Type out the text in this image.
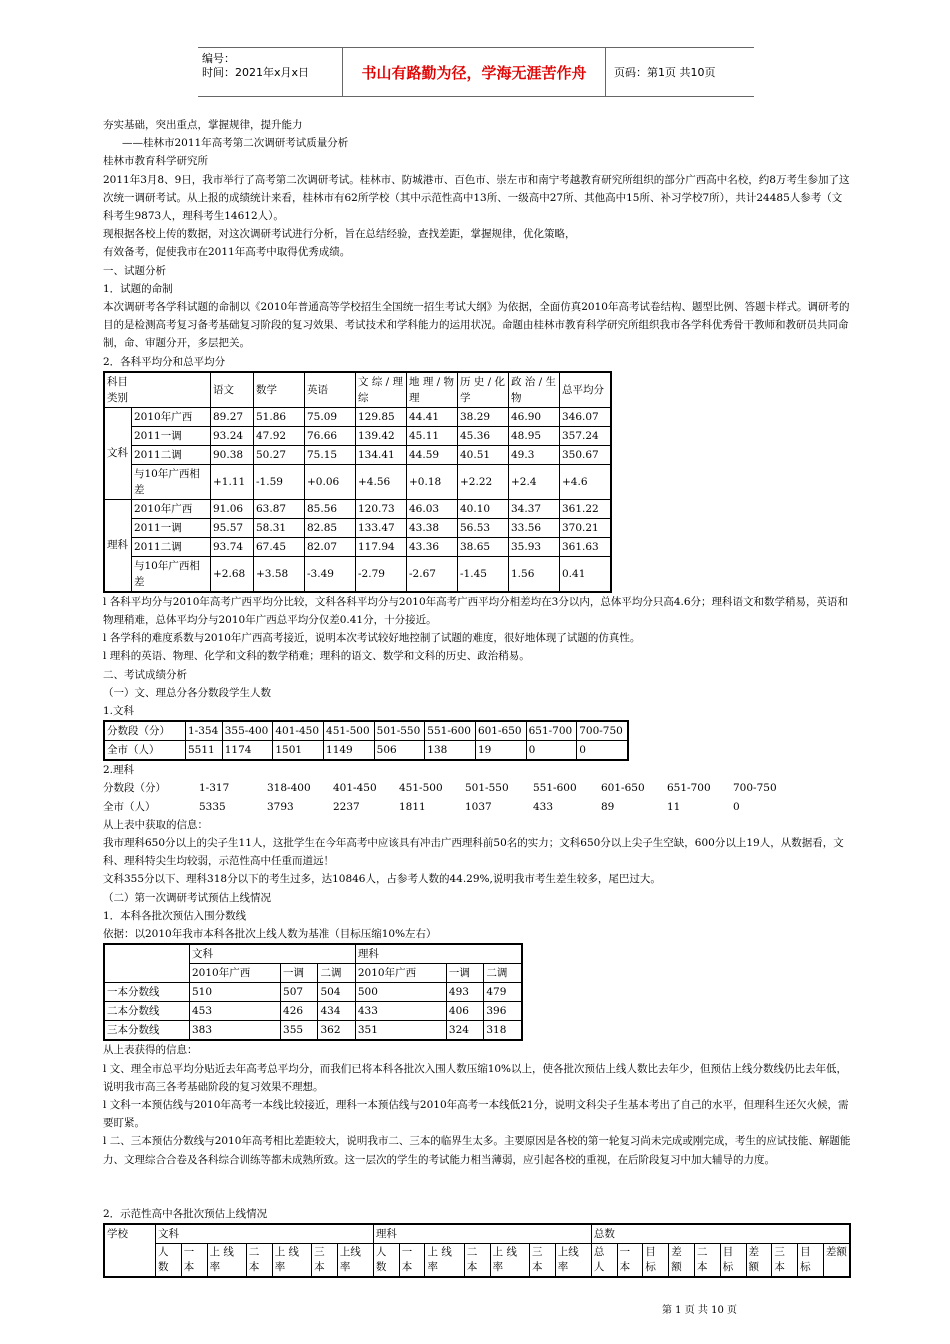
编号：
时间：2021年x月x日	书山有路勤为径，学海无涯苦作舟	页码：第1页 共10页

夯实基础，突出重点，掌握规律，提升能力

——桂林市2011年高考第二次调研考试质量分析

桂林市教育科学研究所

2011年3月8、9日，我市举行了高考第二次调研考试。桂林市、防城港市、百色市、崇左市和南宁考越教育研究所组织的部分广西高中名校，约8万考生参加了这次统一调研考试。从上报的成绩统计来看，桂林市有62所学校（其中示范性高中13所、一级高中27所、其他高中15所、补习学校7所），共计24485人参考（文科考生9873人，理科考生14612人）。

现根据各校上传的数据，对这次调研考试进行分析，旨在总结经验，查找差距，掌握规律，优化策略，

有效备考，促使我市在2011年高考中取得优秀成绩。

一、试题分析

1．试题的命制

本次调研考各学科试题的命制以《2010年普通高等学校招生全国统一招生考试大纲》为依据，全面仿真2010年高考试卷结构、题型比例、答题卡样式。调研考的目的是检测高考复习备考基础复习阶段的复习效果、考试技术和学科能力的运用状况。命题由桂林市教育科学研究所组织我市各学科优秀骨干教师和教研员共同命制，命、审题分开，多层把关。

2．各科平均分和总平均分

科目
类别		语文	数学	英语	文 综 / 理综	地 理 / 物理	历 史 / 化学	政 治 / 生物	总平均分
文科	2010年广西	89.27	51.86	75.09	129.85	44.41	38.29	46.90	346.07
	2011一调	93.24	47.92	76.66	139.42	45.11	45.36	48.95	357.24
	2011二调	90.38	50.27	75.15	134.41	44.59	40.51	49.3	350.67
	与10年广西相差	+1.11	-1.59	+0.06	+4.56	+0.18	+2.22	+2.4	+4.6
理科	2010年广西	91.06	63.87	85.56	120.73	46.03	40.10	34.37	361.22
	2011一调	95.57	58.31	82.85	133.47	43.38	56.53	33.56	370.21
	2011二调	93.74	67.45	82.07	117.94	43.36	38.65	35.93	361.63
	与10年广西相差	+2.68	+3.58	-3.49	-2.79	-2.67	-1.45	1.56	0.41

l 各科平均分与2010年高考广西平均分比较，文科各科平均分与2010年高考广西平均分相差均在3分以内，总体平均分只高4.6分；理科语文和数学稍易，英语和物理稍难，总体平均分与2010年广西总平均分仅差0.41分，十分接近。

l 各学科的难度系数与2010年广西高考接近，说明本次考试较好地控制了试题的难度，很好地体现了试题的仿真性。

l 理科的英语、物理、化学和文科的数学稍难；理科的语文、数学和文科的历史、政治稍易。

二、考试成绩分析

（一）文、理总分各分数段学生人数

1.文科

分数段（分）	1-354	355-400	401-450	451-500	501-550	551-600	601-650	651-700	700-750
全市（人）	5511	1174	1501	1149	506	138	19	0	0

2.理科

分数段（分）	1-317	318-400	401-450	451-500	501-550	551-600	601-650	651-700	700-750
全市（人）	5335	3793	2237	1811	1037	433	89	11	0

从上表中获取的信息：

我市理科650分以上的尖子生11人，这批学生在今年高考中应该具有冲击广西理科前50名的实力；文科650分以上尖子生空缺，600分以上19人，从数据看，文科、理科特尖生均较弱，示范性高中任重而道远！

文科355分以下、理科318分以下的考生过多，达10846人，占参考人数的44.29%,说明我市考生差生较多，尾巴过大。

（二）第一次调研考试预估上线情况

1．本科各批次预估入围分数线

依据：以2010年我市本科各批次上线人数为基准（目标压缩10%左右）

	文科			理科		
	2010年广西	一调	二调	2010年广西	一调	二调
一本分数线	510	507	504	500	493	479
二本分数线	453	426	434	433	406	396
三本分数线	383	355	362	351	324	318

从上表获得的信息：

l 文、理全市总平均分贴近去年高考总平均分，而我们已将本科各批次入围人数压缩10%以上，使各批次预估上线人数比去年少，但预估上线分数线仍比去年低，说明我市高三各考基础阶段的复习效果不理想。

l 文科一本预估线与2010年高考一本线比较接近，理科一本预估线与2010年高考一本线低21分，说明文科尖子生基本考出了自己的水平，但理科生还欠火候，需要盯紧。

l 二、三本预估分数线与2010年高考相比差距较大，说明我市二、三本的临界生太多。主要原因是各校的第一轮复习尚未完成或刚完成，考生的应试技能、解题能力、文理综合合卷及各科综合训练等都未成熟所致。这一层次的学生的考试能力相当薄弱，应引起各校的重视，在后阶段复习中加大辅导的力度。

2．示范性高中各批次预估上线情况

学校	文科							理科							总数									
	人数	一本	上 线率	二本	上 线率	三本	上线率	人数	一本	上 线率	二本	上 线率	三本	上线率	总人	一本	目标	差额	二本	目标	差额	三本	目标	差额
第 1 页 共 10 页
